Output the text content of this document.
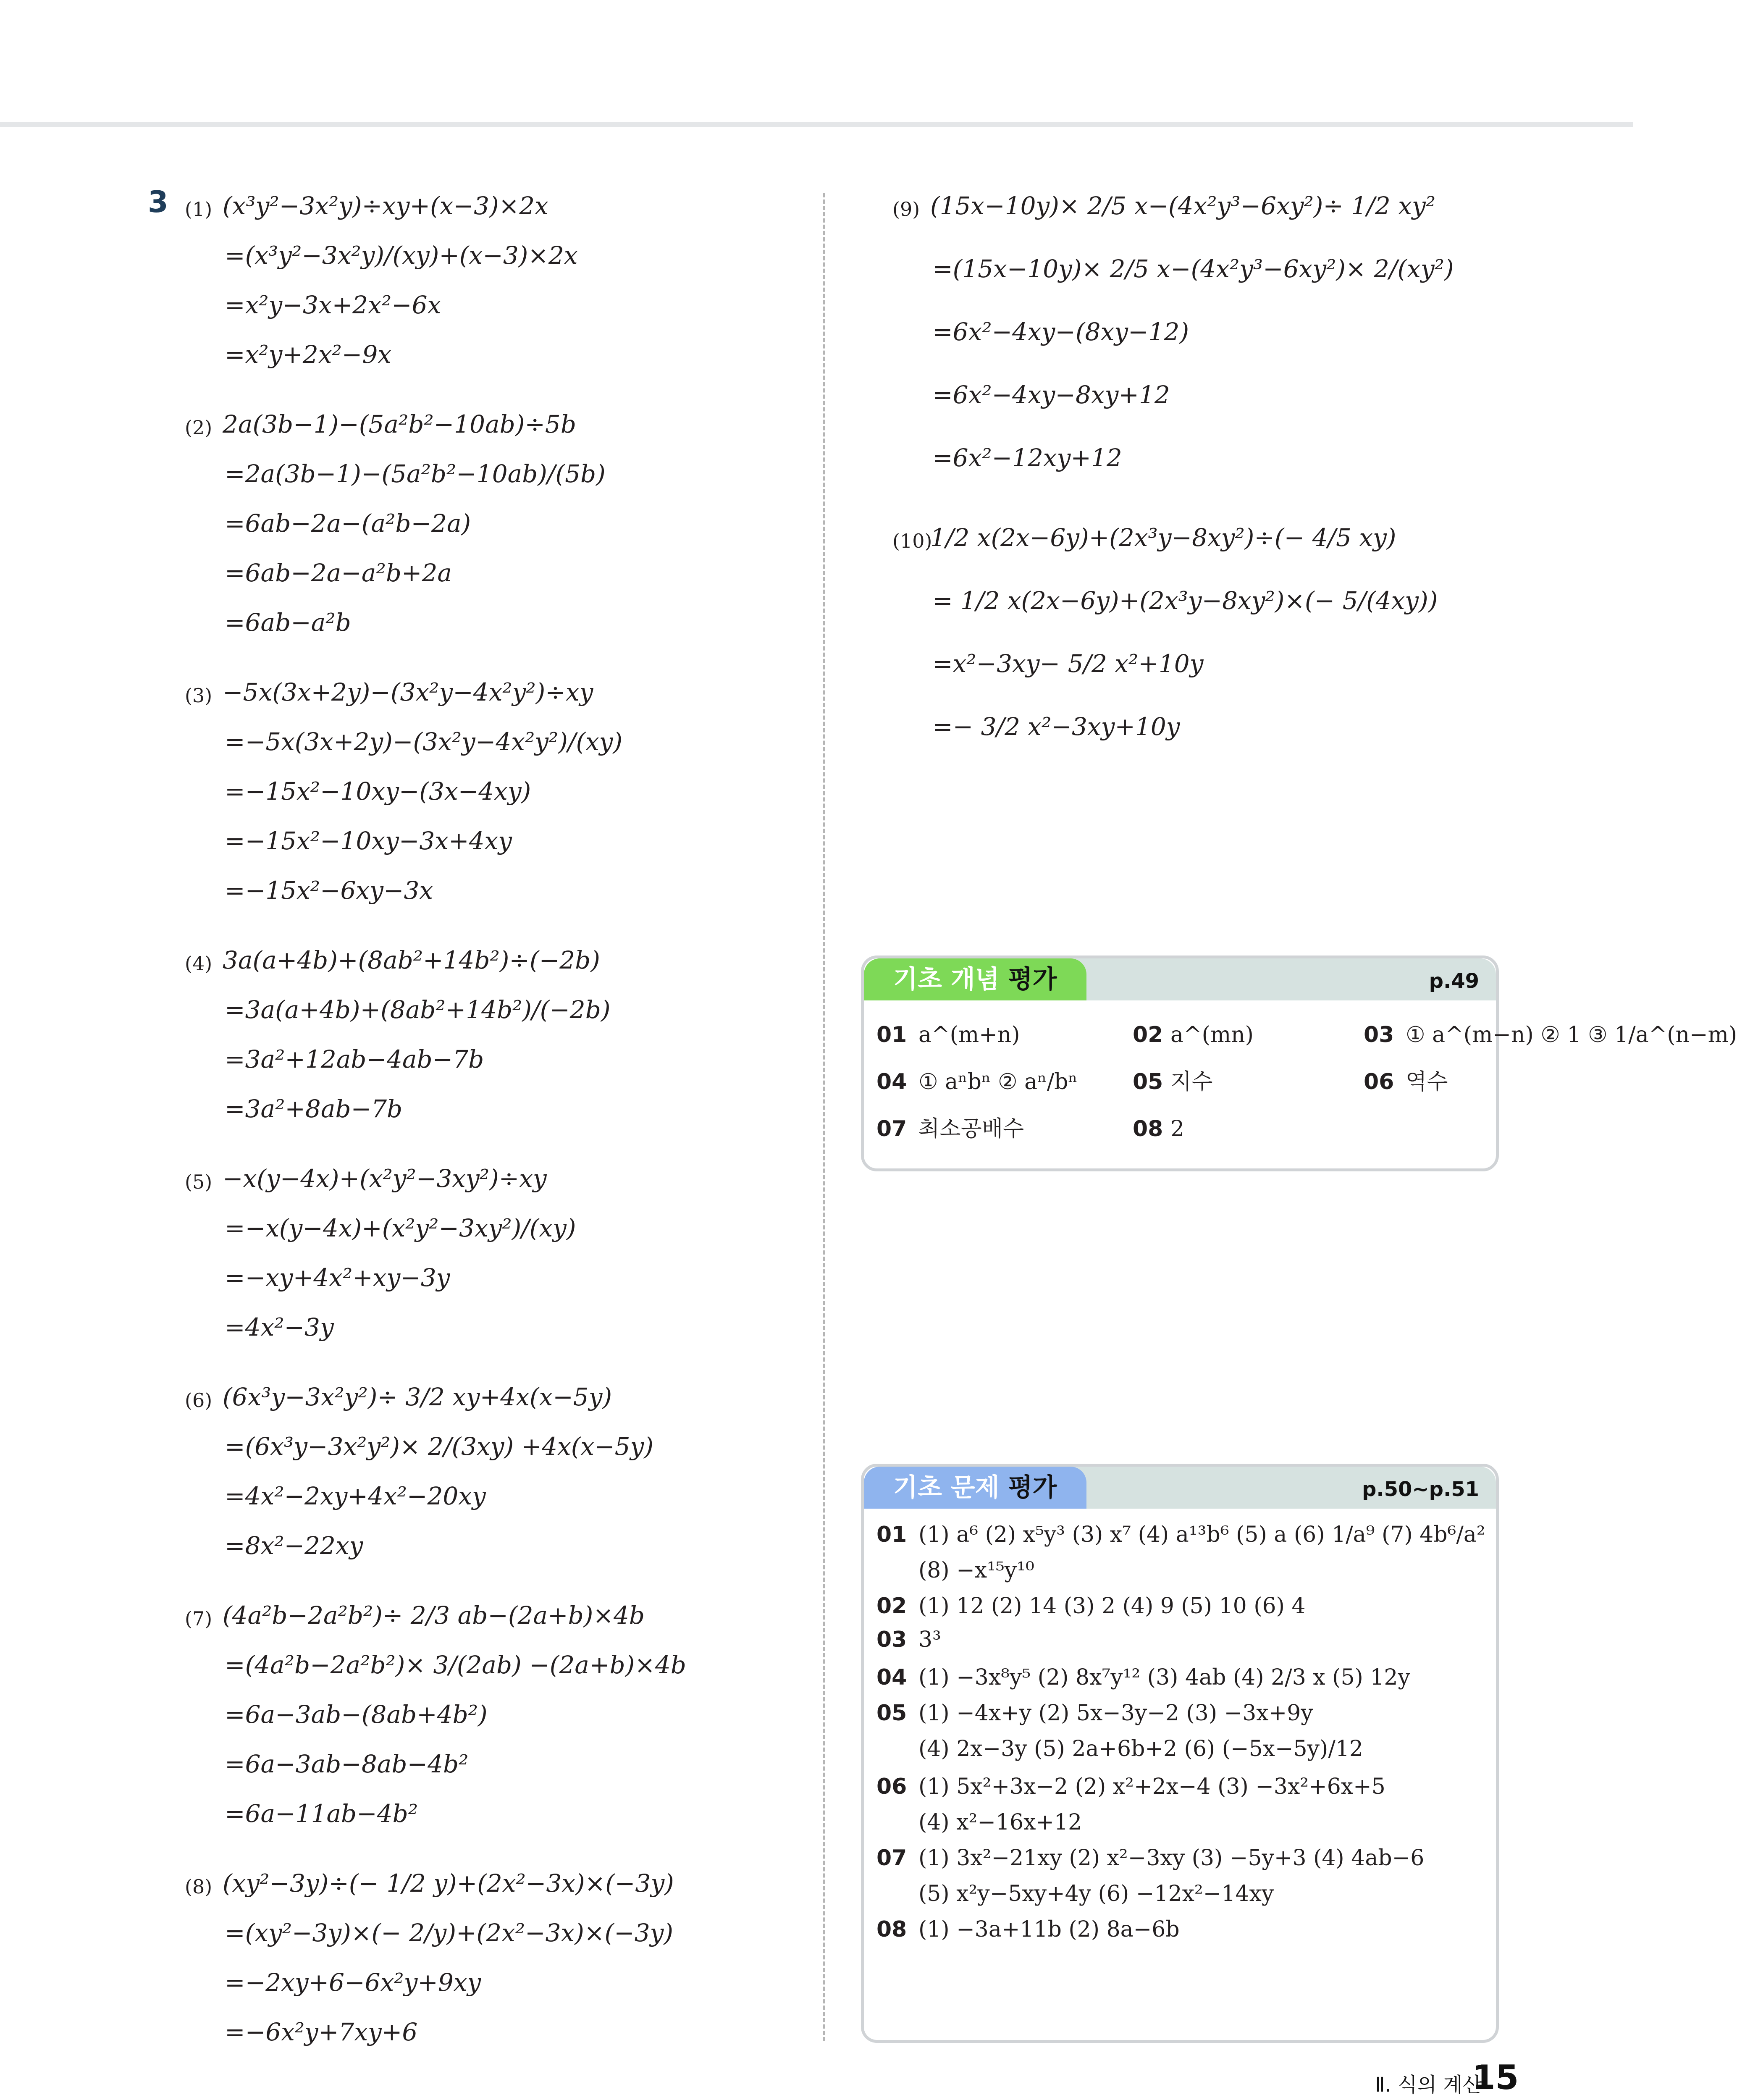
3 (1) (x³y²−3x²y)÷xy+(x−3)×2x
=(x³y²−3x²y)/(xy)+(x−3)×2x
=x²y−3x+2x²−6x
=x²y+2x²−9x
(2) 2a(3b−1)−(5a²b²−10ab)÷5b
=2a(3b−1)−(5a²b²−10ab)/(5b)
=6ab−2a−(a²b−2a)
=6ab−2a−a²b+2a
=6ab−a²b
(3) −5x(3x+2y)−(3x²y−4x²y²)÷xy
=−5x(3x+2y)−(3x²y−4x²y²)/(xy)
=−15x²−10xy−(3x−4xy)
=−15x²−10xy−3x+4xy
=−15x²−6xy−3x
(4) 3a(a+4b)+(8ab²+14b²)÷(−2b)
=3a(a+4b)+(8ab²+14b²)/(−2b)
=3a²+12ab−4ab−7b
=3a²+8ab−7b
(5) −x(y−4x)+(x²y²−3xy²)÷xy
=−x(y−4x)+(x²y²−3xy²)/(xy)
=−xy+4x²+xy−3y
=4x²−3y
(6) (6x³y−3x²y²)÷ 3/2 xy+4x(x−5y)
=(6x³y−3x²y²)× 2/(3xy) +4x(x−5y)
=4x²−2xy+4x²−20xy
=8x²−22xy
(7) (4a²b−2a²b²)÷ 2/3 ab−(2a+b)×4b
=(4a²b−2a²b²)× 3/(2ab) −(2a+b)×4b
=6a−3ab−(8ab+4b²)
=6a−3ab−8ab−4b²
=6a−11ab−4b²
(8) (xy²−3y)÷(− 1/2 y)+(2x²−3x)×(−3y)
=(xy²−3y)×(− 2/y)+(2x²−3x)×(−3y)
=−2xy+6−6x²y+9xy
=−6x²y+7xy+6
(9) (15x−10y)× 2/5 x−(4x²y³−6xy²)÷ 1/2 xy²
=(15x−10y)× 2/5 x−(4x²y³−6xy²)× 2/(xy²)
=6x²−4xy−(8xy−12)
=6x²−4xy−8xy+12
=6x²−12xy+12
(10)
1/2 x(2x−6y)+(2x³y−8xy²)÷(− 4/5 xy)
= 1/2 x(2x−6y)+(2x³y−8xy²)×(− 5/(4xy))
=x²−3xy− 5/2 x²+10y
=− 3/2 x²−3xy+10y
기초 개념 평가	p.49
01 a^(m+n)	02 a^(mn)	03 ① a^(m−n) ② 1 ③ 1/a^(n−m)
04 ① aⁿbⁿ ② aⁿ/bⁿ	05 지수	06 역수
07 최소공배수	08 2
기초 문제 평가	p.50~p.51
01 (1) a⁶ (2) x⁵y³ (3) x⁷ (4) a¹³b⁶ (5) a (6) 1/a⁹ (7) 4b⁶/a²
(8) −x¹⁵y¹⁰
02 (1) 12 (2) 14 (3) 2 (4) 9 (5) 10 (6) 4
03 3³
04 (1) −3x⁸y⁵ (2) 8x⁷y¹² (3) 4ab (4) 2/3 x (5) 12y
05 (1) −4x+y (2) 5x−3y−2 (3) −3x+9y
(4) 2x−3y (5) 2a+6b+2 (6) (−5x−5y)/12
06 (1) 5x²+3x−2 (2) x²+2x−4 (3) −3x²+6x+5
(4) x²−16x+12
07 (1) 3x²−21xy (2) x²−3xy (3) −5y+3 (4) 4ab−6
(5) x²y−5xy+4y (6) −12x²−14xy
08 (1) −3a+11b (2) 8a−6b
Ⅱ. 식의 계산
15
